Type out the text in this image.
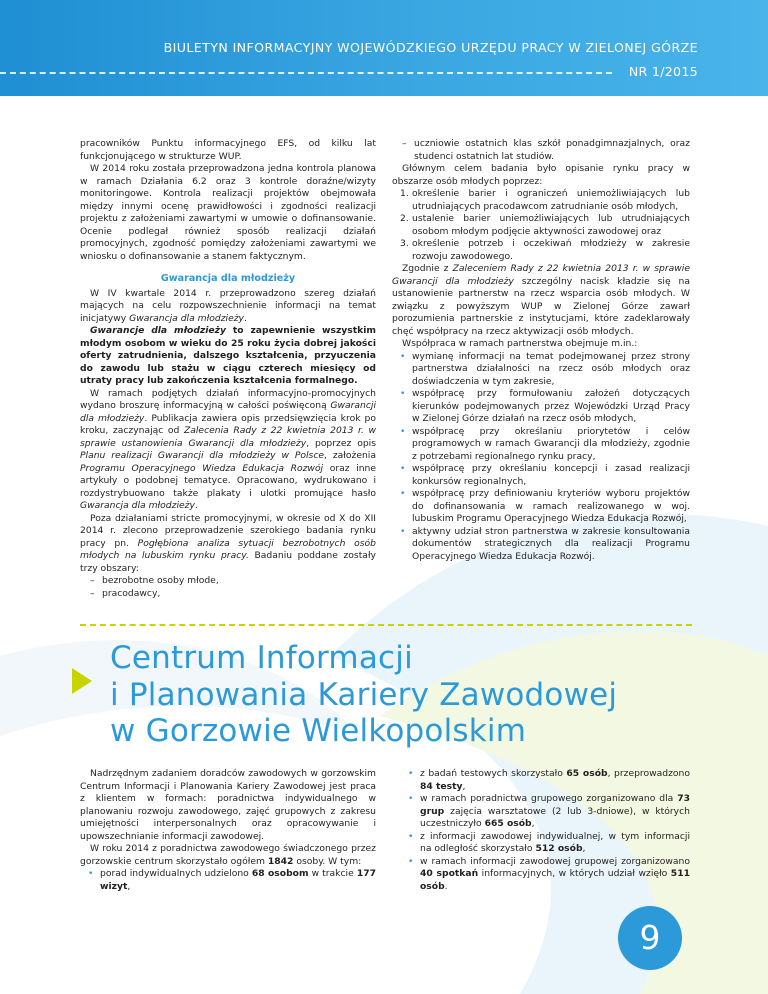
BIULETYN INFORMACYJNY WOJEWÓDZKIEGO URZĘDU PRACY W ZIELONEJ GÓRZE
NR 1/2015

pracowników Punktu informacyjnego EFS, od kilku lat funkcjonującego w strukturze WUP.

W 2014 roku została przeprowadzona jedna kontrola planowa w ramach Działania 6.2 oraz 3 kontrole doraźne/wizyty monitoringowe. Kontrola realizacji projektów obejmowała między innymi ocenę prawidłowości i zgodności realizacji projektu z założeniami zawartymi w umowie o dofinansowanie. Ocenie podlegał również sposób realizacji działań promocyjnych, zgodność pomiędzy założeniami zawartymi we wniosku o dofinansowanie a stanem faktycznym.

Gwarancja dla młodzieży

W IV kwartale 2014 r. przeprowadzono szereg działań mających na celu rozpowszechnienie informacji na temat inicjatywy Gwarancja dla młodzieży.

Gwarancje dla młodzieży to zapewnienie wszystkim młodym osobom w wieku do 25 roku życia dobrej jakości oferty zatrudnienia, dalszego kształcenia, przyuczenia do zawodu lub stażu w ciągu czterech miesięcy od utraty pracy lub zakończenia kształcenia formalnego.

W ramach podjętych działań informacyjno-promocyjnych wydano broszurę informacyjną w całości poświęconą Gwarancji dla młodzieży. Publikacja zawiera opis przedsięwzięcia krok po kroku, zaczynając od Zalecenia Rady z 22 kwietnia 2013 r. w sprawie ustanowienia Gwarancji dla młodzieży, poprzez opis Planu realizacji Gwarancji dla młodzieży w Polsce, założenia Programu Operacyjnego Wiedza Edukacja Rozwój oraz inne artykuły o podobnej tematyce. Opracowano, wydrukowano i rozdystrybuowano także plakaty i ulotki promujące hasło Gwarancja dla młodzieży.

Poza działaniami stricte promocyjnymi, w okresie od X do XII 2014 r. zlecono przeprowadzenie szerokiego badania rynku pracy pn. Pogłębiona analiza sytuacji bezrobotnych osób młodych na lubuskim rynku pracy. Badaniu poddane zostały trzy obszary:

– bezrobotne osoby młode,
– pracodawcy,
– uczniowie ostatnich klas szkół ponadgimnazjalnych, oraz studenci ostatnich lat studiów.

Głównym celem badania było opisanie rynku pracy w obszarze osób młodych poprzez:

1. określenie barier i ograniczeń uniemożliwiających lub utrudniających pracodawcom zatrudnianie osób młodych,
2. ustalenie barier uniemożliwiających lub utrudniających osobom młodym podjęcie aktywności zawodowej oraz
3. określenie potrzeb i oczekiwań młodzieży w zakresie rozwoju zawodowego.

Zgodnie z Zaleceniem Rady z 22 kwietnia 2013 r. w sprawie Gwarancji dla młodzieży szczególny nacisk kładzie się na ustanowienie partnerstw na rzecz wsparcia osób młodych. W związku z powyższym WUP w Zielonej Górze zawarł porozumienia partnerskie z instytucjami, które zadeklarowały chęć współpracy na rzecz aktywizacji osób młodych.

Współpraca w ramach partnerstwa obejmuje m.in.:

• wymianę informacji na temat podejmowanej przez strony partnerstwa działalności na rzecz osób młodych oraz doświadczenia w tym zakresie,
• współpracę przy formułowaniu założeń dotyczących kierunków podejmowanych przez Wojewódzki Urząd Pracy w Zielonej Górze działań na rzecz osób młodych,
• współpracę przy określaniu priorytetów i celów programowych w ramach Gwarancji dla młodzieży, zgodnie z potrzebami regionalnego rynku pracy,
• współpracę przy określaniu koncepcji i zasad realizacji konkursów regionalnych,
• współpracę przy definiowaniu kryteriów wyboru projektów do dofinansowania w ramach realizowanego w woj. lubuskim Programu Operacyjnego Wiedza Edukacja Rozwój,
• aktywny udział stron partnerstwa w zakresie konsultowania dokumentów strategicznych dla realizacji Programu Operacyjnego Wiedza Edukacja Rozwój.
Centrum Informacji
i Planowania Kariery Zawodowej
w Gorzowie Wielkopolskim

Nadrzędnym zadaniem doradców zawodowych w gorzowskim Centrum Informacji i Planowania Kariery Zawodowej jest praca z klientem w formach: poradnictwa indywidualnego w planowaniu rozwoju zawodowego, zajęć grupowych z zakresu umiejętności interpersonalnych oraz opracowywanie i upowszechnianie informacji zawodowej.

W roku 2014 z poradnictwa zawodowego świadczonego przez gorzowskie centrum skorzystało ogółem 1842 osoby. W tym:

• porad indywidualnych udzielono 68 osobom w trakcie 177 wizyt,
• z badań testowych skorzystało 65 osób, przeprowadzono 84 testy,
• w ramach poradnictwa grupowego zorganizowano dla 73 grup zajęcia warsztatowe (2 lub 3-dniowe), w których uczestniczyło 665 osób,
• z informacji zawodowej indywidualnej, w tym informacji na odległość skorzystało 512 osób,
• w ramach informacji zawodowej grupowej zorganizowano 40 spotkań informacyjnych, w których udział wzięło 511 osób.
9
